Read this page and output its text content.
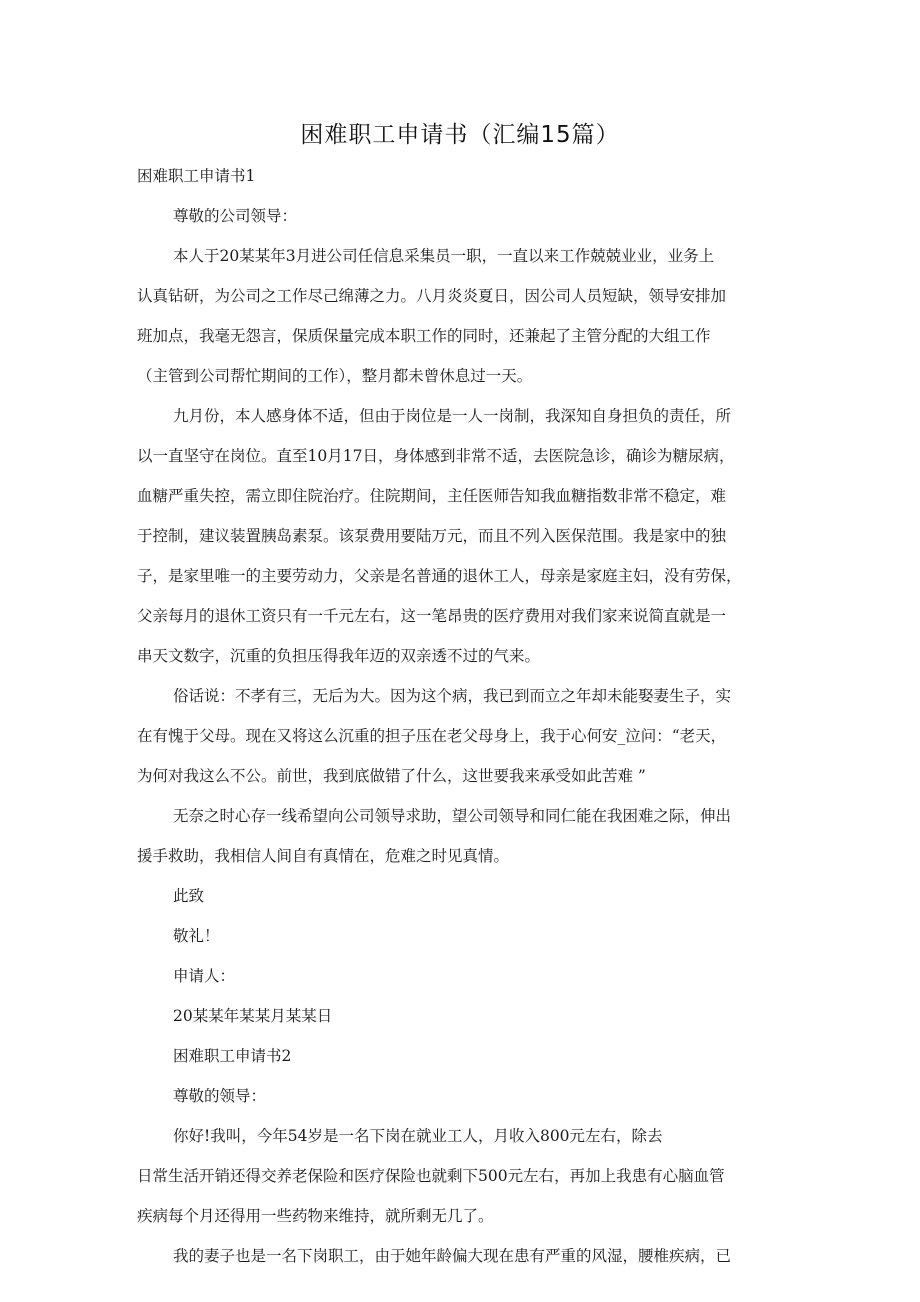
困难职工申请书（汇编15篇）
困难职工申请书1
尊敬的公司领导：
本人于20某某年3月进公司任信息采集员一职，一直以来工作兢兢业业，业务上
认真钻研，为公司之工作尽己绵薄之力。八月炎炎夏日，因公司人员短缺，领导安排加
班加点，我毫无怨言，保质保量完成本职工作的同时，还兼起了主管分配的大组工作
（主管到公司帮忙期间的工作），整月都未曾休息过一天。
九月份，本人感身体不适，但由于岗位是一人一岗制，我深知自身担负的责任，所
以一直坚守在岗位。直至10月17日，身体感到非常不适，去医院急诊，确诊为糖尿病，
血糖严重失控，需立即住院治疗。住院期间，主任医师告知我血糖指数非常不稳定，难
于控制，建议装置胰岛素泵。该泵费用要陆万元，而且不列入医保范围。我是家中的独
子，是家里唯一的主要劳动力，父亲是名普通的退休工人，母亲是家庭主妇，没有劳保，
父亲每月的退休工资只有一千元左右，这一笔昂贵的医疗费用对我们家来说简直就是一
串天文数字，沉重的负担压得我年迈的双亲透不过的气来。
俗话说：不孝有三，无后为大。因为这个病，我已到而立之年却未能娶妻生子，实
在有愧于父母。现在又将这么沉重的担子压在老父母身上，我于心何安_泣问：“老天，
为何对我这么不公。前世，我到底做错了什么，这世要我来承受如此苦难 ”
无奈之时心存一线希望向公司领导求助，望公司领导和同仁能在我困难之际，伸出
援手救助，我相信人间自有真情在，危难之时见真情。
此致
敬礼！
申请人：
20某某年某某月某某日
困难职工申请书2
尊敬的领导：
你好!我叫，今年54岁是一名下岗在就业工人，月收入800元左右，除去
日常生活开销还得交养老保险和医疗保险也就剩下500元左右，再加上我患有心脑血管
疾病每个月还得用一些药物来维持，就所剩无几了。
我的妻子也是一名下岗职工，由于她年龄偏大现在患有严重的风湿，腰椎疾病，已
